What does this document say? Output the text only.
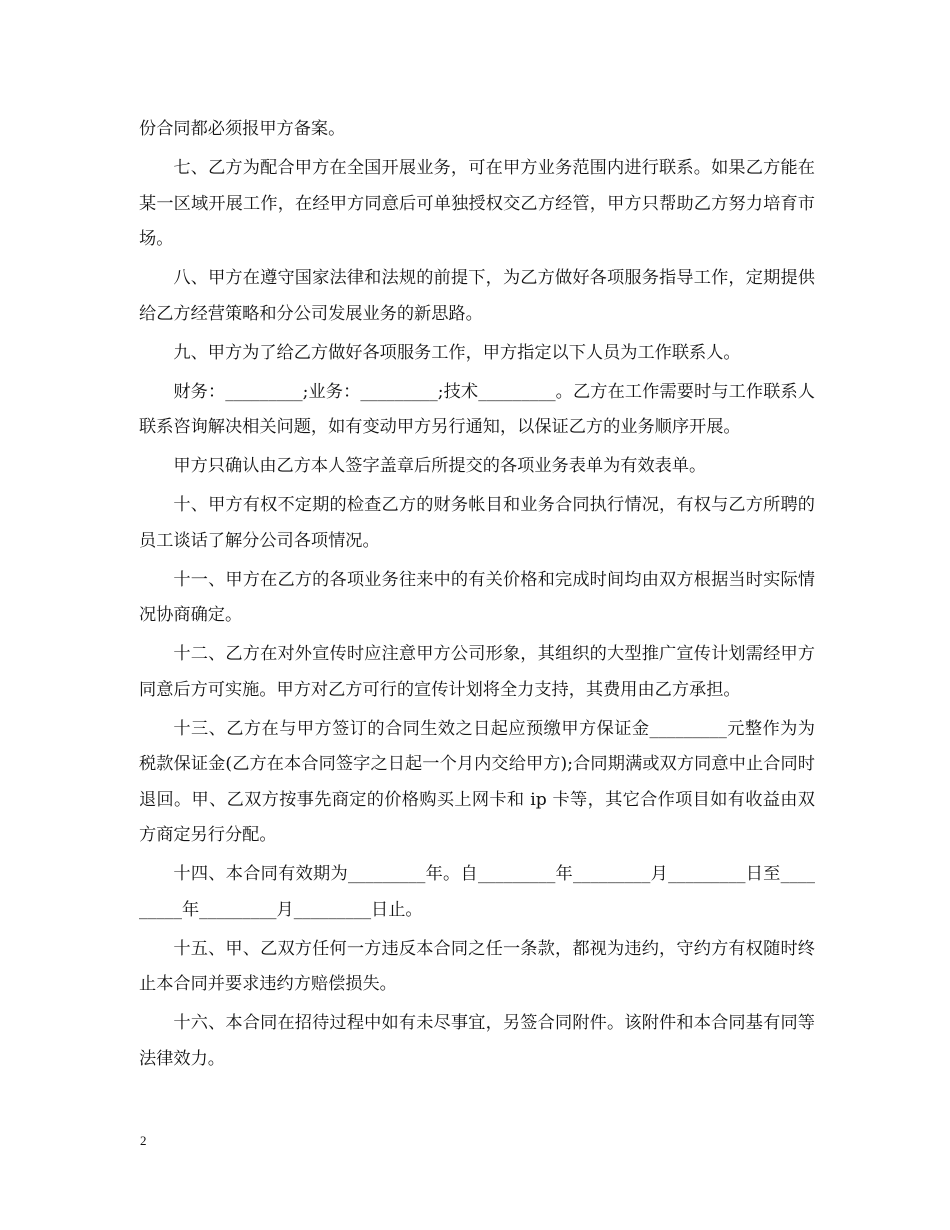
份合同都必须报甲方备案。

七、乙方为配合甲方在全国开展业务，可在甲方业务范围内进行联系。如果乙方能在某一区域开展工作，在经甲方同意后可单独授权交乙方经管，甲方只帮助乙方努力培育市场。

八、甲方在遵守国家法律和法规的前提下，为乙方做好各项服务指导工作，定期提供给乙方经营策略和分公司发展业务的新思路。

九、甲方为了给乙方做好各项服务工作，甲方指定以下人员为工作联系人。

财务：_________;业务：_________;技术_________。乙方在工作需要时与工作联系人联系咨询解决相关问题，如有变动甲方另行通知，以保证乙方的业务顺序开展。

甲方只确认由乙方本人签字盖章后所提交的各项业务表单为有效表单。

十、甲方有权不定期的检查乙方的财务帐目和业务合同执行情况，有权与乙方所聘的员工谈话了解分公司各项情况。

十一、甲方在乙方的各项业务往来中的有关价格和完成时间均由双方根据当时实际情况协商确定。

十二、乙方在对外宣传时应注意甲方公司形象，其组织的大型推广宣传计划需经甲方同意后方可实施。甲方对乙方可行的宣传计划将全力支持，其费用由乙方承担。

十三、乙方在与甲方签订的合同生效之日起应预缴甲方保证金_________元整作为为税款保证金(乙方在本合同签字之日起一个月内交给甲方);合同期满或双方同意中止合同时退回。甲、乙双方按事先商定的价格购买上网卡和 ip 卡等，其它合作项目如有收益由双方商定另行分配。

十四、本合同有效期为_________年。自_________年_________月_________日至_________年_________月_________日止。

十五、甲、乙双方任何一方违反本合同之任一条款，都视为违约，守约方有权随时终止本合同并要求违约方赔偿损失。

十六、本合同在招待过程中如有未尽事宜，另签合同附件。该附件和本合同基有同等法律效力。

2
